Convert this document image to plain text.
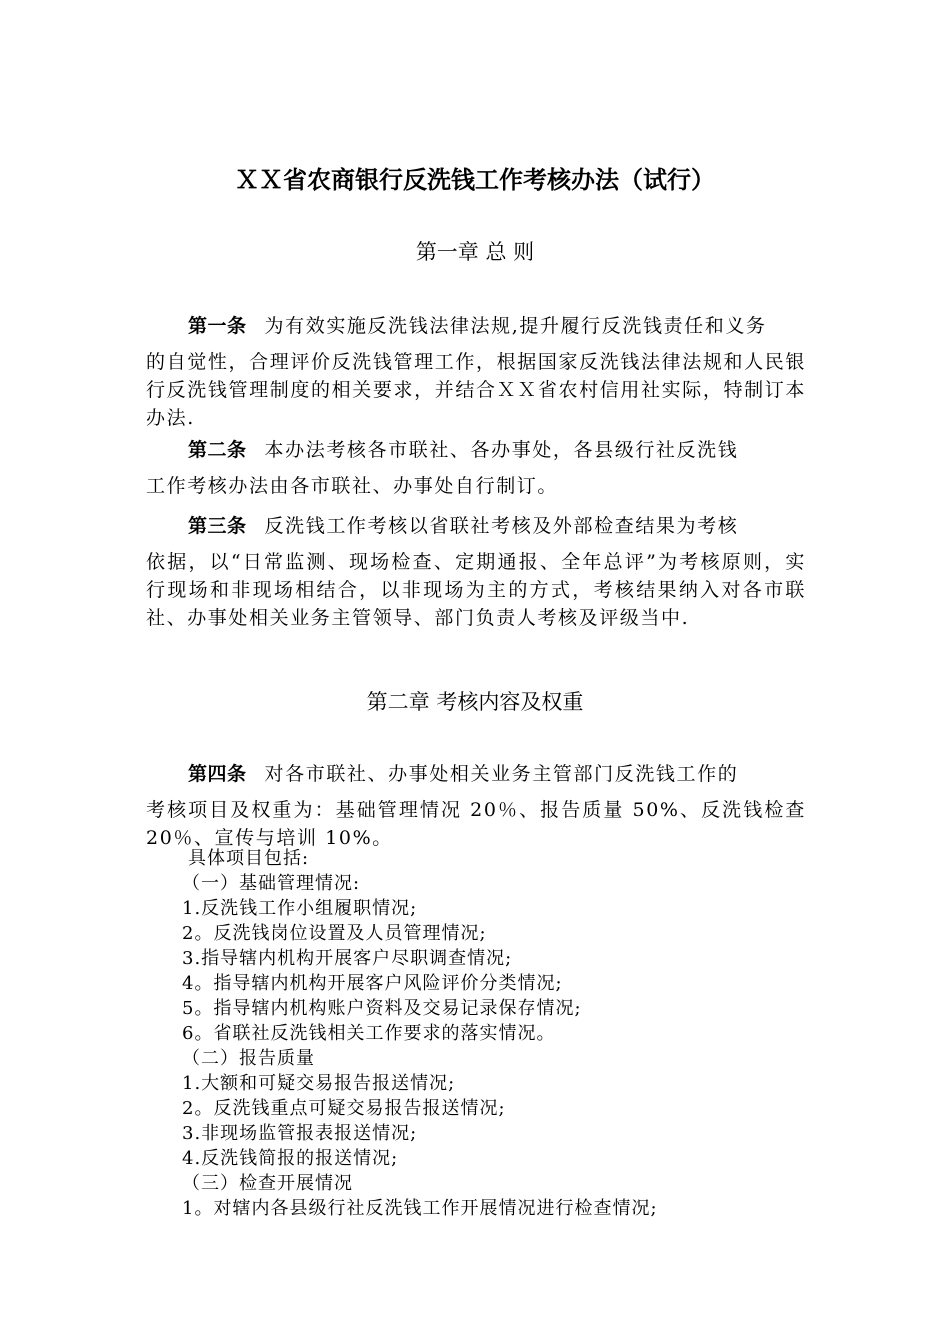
ＸＸ省农商银行反洗钱工作考核办法（试行）
第一章 总 则
第一条 为有效实施反洗钱法律法规,提升履行反洗钱责任和义务
的自觉性，合理评价反洗钱管理工作，根据国家反洗钱法律法规和人民银行反洗钱管理制度的相关要求，并结合ＸＸ省农村信用社实际，特制订本办法.
第二条 本办法考核各市联社、各办事处，各县级行社反洗钱
工作考核办法由各市联社、办事处自行制订。
第三条 反洗钱工作考核以省联社考核及外部检查结果为考核
依据，以“日常监测、现场检查、定期通报、全年总评”为考核原则，实行现场和非现场相结合，以非现场为主的方式，考核结果纳入对各市联社、办事处相关业务主管领导、部门负责人考核及评级当中.
第二章 考核内容及权重
第四条 对各市联社、办事处相关业务主管部门反洗钱工作的
考核项目及权重为：基础管理情况 20％、报告质量 50%、反洗钱检查 20％、宣传与培训 10%。
具体项目包括:
（一）基础管理情况:
1.反洗钱工作小组履职情况;
2。反洗钱岗位设置及人员管理情况;
3.指导辖内机构开展客户尽职调查情况;
4。指导辖内机构开展客户风险评价分类情况;
5。指导辖内机构账户资料及交易记录保存情况;
6。省联社反洗钱相关工作要求的落实情况。
（二）报告质量
1.大额和可疑交易报告报送情况;
2。反洗钱重点可疑交易报告报送情况;
3.非现场监管报表报送情况;
4.反洗钱简报的报送情况;
（三）检查开展情况
1。对辖内各县级行社反洗钱工作开展情况进行检查情况;
